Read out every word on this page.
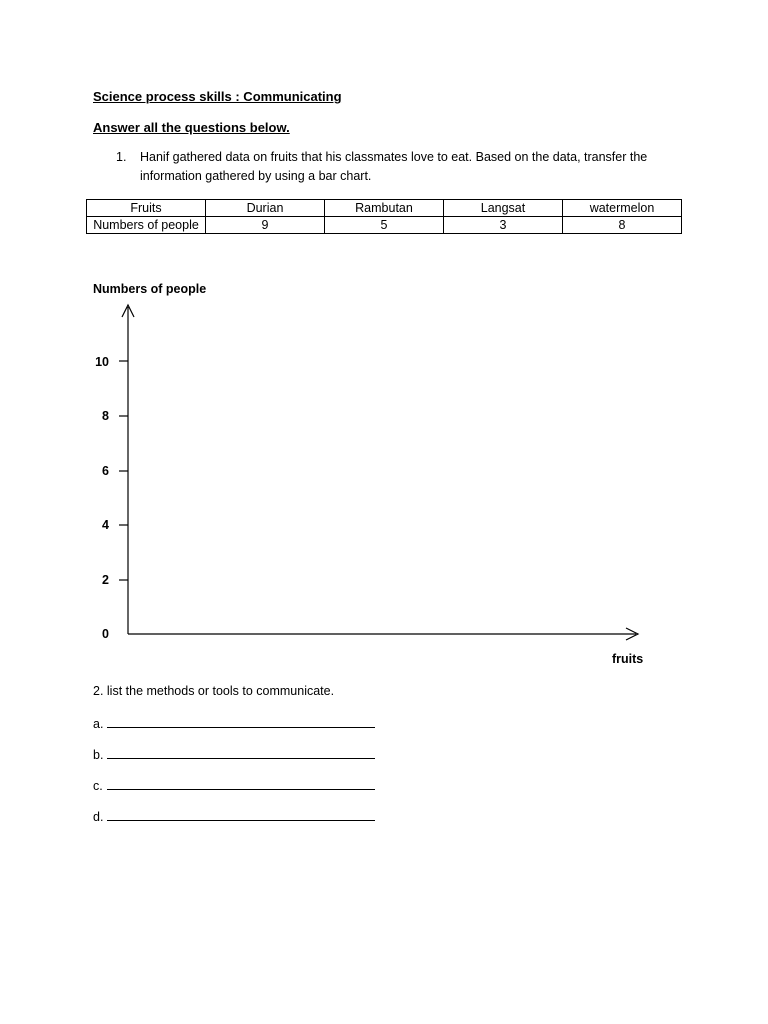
Science process skills : Communicating
Answer all the questions below.
1. Hanif gathered data on fruits that his classmates love to eat. Based on the data, transfer the information gathered by using a bar chart.
Fruits	Durian	Rambutan	Langsat	watermelon
Numbers of people	9	5	3	8
Numbers of people
0
2
4
6
8
10
fruits
2. list the methods or tools to communicate.
a.
b.
c.
d.
